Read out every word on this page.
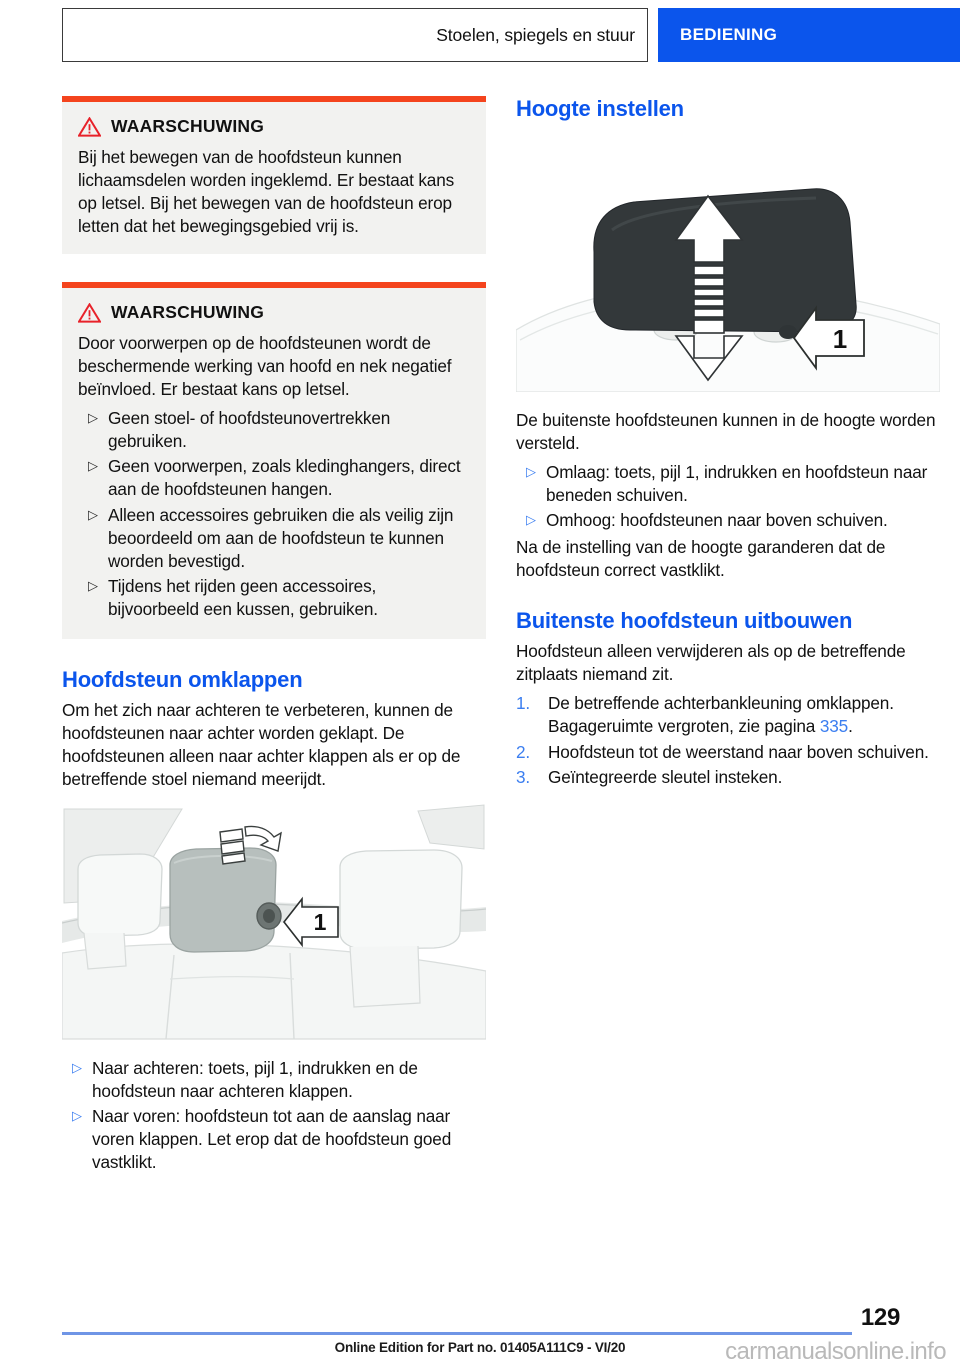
Stoelen, spiegels en stuur	BEDIENING
WAARSCHUWING
Bij het bewegen van de hoofdsteun kunnen lichaamsdelen worden ingeklemd. Er bestaat kans op letsel. Bij het bewegen van de hoofdsteun erop letten dat het bewegingsgebied vrij is.
WAARSCHUWING
Door voorwerpen op de hoofdsteunen wordt de beschermende werking van hoofd en nek negatief beïnvloed. Er bestaat kans op letsel.
▷ Geen stoel- of hoofdsteunovertrekken gebruiken.
▷ Geen voorwerpen, zoals kledinghangers, direct aan de hoofdsteunen hangen.
▷ Alleen accessoires gebruiken die als veilig zijn beoordeeld om aan de hoofdsteun te kunnen worden bevestigd.
▷ Tijdens het rijden geen accessoires, bijvoorbeeld een kussen, gebruiken.
Hoofdsteun omklappen

Om het zich naar achteren te verbeteren, kunnen de hoofdsteunen naar achter worden geklapt. De hoofdsteunen alleen naar achter klappen als er op de betreffende stoel niemand meerijdt.

1
▷ Naar achteren: toets, pijl 1, indrukken en de hoofdsteun naar achteren klappen.
▷ Naar voren: hoofdsteun tot aan de aanslag naar voren klappen. Let erop dat de hoofdsteun goed vastklikt.
Hoogte instellen
1

De buitenste hoofdsteunen kunnen in de hoogte worden versteld.

▷ Omlaag: toets, pijl 1, indrukken en hoofdsteun naar beneden schuiven.
▷ Omhoog: hoofdsteunen naar boven schuiven.

Na de instelling van de hoogte garanderen dat de hoofdsteun correct vastklikt.

Buitenste hoofdsteun uitbouwen

Hoofdsteun alleen verwijderen als op de betreffende zitplaats niemand zit.

1.	De betreffende achterbankleuning omklappen.
Bagageruimte vergroten, zie pagina 335.
2.	Hoofdsteun tot de weerstand naar boven schuiven.
3.	Geïntegreerde sleutel insteken.
129
Online Edition for Part no. 01405A111C9 - VI/20	carmanualsonline.info
